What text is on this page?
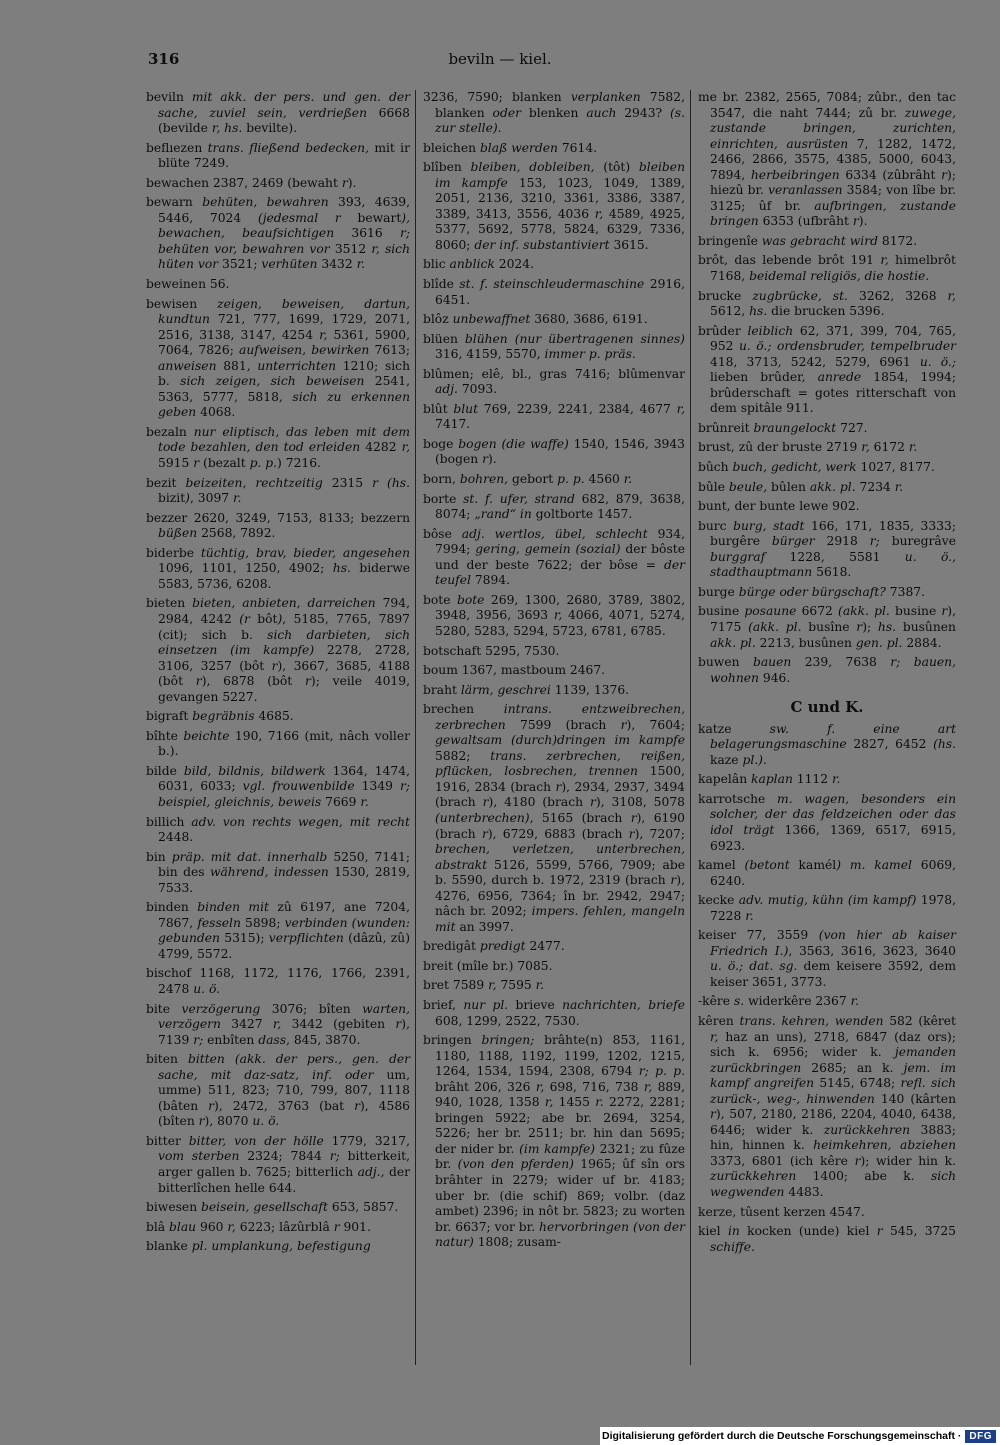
316	beviln — kiel.
beviln mit akk. der pers. und gen. der sache, zuviel sein, verdrießen 6668 (bevilde r, hs. bevilte).
beflıezen trans. fließend bedecken, mit ir blüte 7249.
bewachen 2387, 2469 (bewaht r).
bewarn behüten, bewahren 393, 4639, 5446, 7024 (jedesmal r bewart), bewachen, beaufsichtigen 3616 r; behüten vor, bewahren vor 3512 r, sich hüten vor 3521; verhüten 3432 r.
beweinen 56.
bewisen zeigen, beweisen, dartun, kundtun 721, 777, 1699, 1729, 2071, 2516, 3138, 3147, 4254 r, 5361, 5900, 7064, 7826; aufweisen, bewirken 7613; anweisen 881, unterrichten 1210; sich b. sich zeigen, sich beweisen 2541, 5363, 5777, 5818, sich zu erkennen geben 4068.
bezaln nur eliptisch, das leben mit dem tode bezahlen, den tod erleiden 4282 r, 5915 r (bezalt p. p.) 7216.
bezit beizeiten, rechtzeitig 2315 r (hs. bizit), 3097 r.
bezzer 2620, 3249, 7153, 8133; bezzern büßen 2568, 7892.
biderbe tüchtig, brav, bieder, angesehen 1096, 1101, 1250, 4902; hs. biderwe 5583, 5736, 6208.
bieten bieten, anbieten, darreichen 794, 2984, 4242 (r bôt), 5185, 7765, 7897 (cit); sich b. sich darbieten, sich einsetzen (im kampfe) 2278, 2728, 3106, 3257 (bôt r), 3667, 3685, 4188 (bôt r), 6878 (bôt r); veile 4019, gevangen 5227.
bigraft begräbnis 4685.
bîhte beichte 190, 7166 (mit, nâch voller b.).
bilde bild, bildnis, bildwerk 1364, 1474, 6031, 6033; vgl. frouwenbilde 1349 r; beispiel, gleichnis, beweis 7669 r.
billich adv. von rechts wegen, mit recht 2448.
bin präp. mit dat. innerhalb 5250, 7141; bin des während, indessen 1530, 2819, 7533.
binden binden mit zû 6197, ane 7204, 7867, fesseln 5898; verbinden (wunden: gebunden 5315); verpflichten (dâzû, zû) 4799, 5572.
bischof 1168, 1172, 1176, 1766, 2391, 2478 u. ö.
bite verzögerung 3076; bîten warten, verzögern 3427 r, 3442 (gebiten r), 7139 r; enbîten dass, 845, 3870.
biten bitten (akk. der pers., gen. der sache, mit daz-satz, inf. oder um, umme) 511, 823; 710, 799, 807, 1118 (bâten r), 2472, 3763 (bat r), 4586 (bîten r), 8070 u. ö.
bitter bitter, von der hölle 1779, 3217, vom sterben 2324; 7844 r; bitterkeit, arger gallen b. 7625; bitterlich adj., der bitterlîchen helle 644.
biwesen beisein, gesellschaft 653, 5857.
blâ blau 960 r, 6223; lâzûrblâ r 901.
blanke pl. umplankung, befestigung
3236, 7590; blanken verplanken 7582, blanken oder blenken auch 2943? (s. zur stelle).
bleichen blaß werden 7614.
blîben bleiben, dobleiben, (tôt) bleiben im kampfe 153, 1023, 1049, 1389, 2051, 2136, 3210, 3361, 3386, 3387, 3389, 3413, 3556, 4036 r, 4589, 4925, 5377, 5692, 5778, 5824, 6329, 7336, 8060; der inf. substantiviert 3615.
blic anblick 2024.
blîde st. f. steinschleudermaschine 2916, 6451.
blôz unbewaffnet 3680, 3686, 6191.
blüen blühen (nur übertragenen sinnes) 316, 4159, 5570, immer p. präs.
blûmen; elê, bl., gras 7416; blûmenvar adj. 7093.
blût blut 769, 2239, 2241, 2384, 4677 r, 7417.
boge bogen (die waffe) 1540, 1546, 3943 (bogen r).
born, bohren, gebort p. p. 4560 r.
borte st. f. ufer, strand 682, 879, 3638, 8074; „rand“ in goltborte 1457.
bôse adj. wertlos, übel, schlecht 934, 7994; gering, gemein (sozial) der bôste und der beste 7622; der bôse = der teufel 7894.
bote bote 269, 1300, 2680, 3789, 3802, 3948, 3956, 3693 r, 4066, 4071, 5274, 5280, 5283, 5294, 5723, 6781, 6785.
botschaft 5295, 7530.
boum 1367, mastboum 2467.
braht lärm, geschrei 1139, 1376.
brechen intrans. entzweibrechen, zerbrechen 7599 (brach r), 7604; gewaltsam (durch)dringen im kampfe 5882; trans. zerbrechen, reißen, pflücken, losbrechen, trennen 1500, 1916, 2834 (brach r), 2934, 2937, 3494 (brach r), 4180 (brach r), 3108, 5078 (unterbrechen), 5165 (brach r), 6190 (brach r), 6729, 6883 (brach r), 7207; brechen, verletzen, unterbrechen, abstrakt 5126, 5599, 5766, 7909; abe b. 5590, durch b. 1972, 2319 (brach r), 4276, 6956, 7364; în br. 2942, 2947; nâch br. 2092; impers. fehlen, mangeln mit an 3997.
bredigât predigt 2477.
breit (mîle br.) 7085.
bret 7589 r, 7595 r.
brief, nur pl. brieve nachrichten, briefe 608, 1299, 2522, 7530.
bringen bringen; brâhte(n) 853, 1161, 1180, 1188, 1192, 1199, 1202, 1215, 1264, 1534, 1594, 2308, 6794 r; p. p. brâht 206, 326 r, 698, 716, 738 r, 889, 940, 1028, 1358 r, 1455 r. 2272, 2281; bringen 5922; abe br. 2694, 3254, 5226; her br. 2511; br. hin dan 5695; der nider br. (im kampfe) 2321; zu fûze br. (von den pferden) 1965; ûf sîn ors brâhter in 2279; wider uf br. 4183; uber br. (die schif) 869; volbr. (daz ambet) 2396; in nôt br. 5823; zu worten br. 6637; vor br. hervorbringen (von der natur) 1808; zusam-
me br. 2382, 2565, 7084; zûbr., den tac 3547, die naht 7444; zû br. zuwege, zustande bringen, zurichten, einrichten, ausrüsten 7, 1282, 1472, 2466, 2866, 3575, 4385, 5000, 6043, 7894, herbeibringen 6334 (zûbrâht r); hiezû br. veranlassen 3584; von lîbe br. 3125; ûf br. aufbringen, zustande bringen 6353 (ufbrâht r).
bringenîe was gebracht wird 8172.
brôt, das lebende brôt 191 r, himelbrôt 7168, beidemal religiös, die hostie.
brucke zugbrücke, st. 3262, 3268 r, 5612, hs. die brucken 5396.
brûder leiblich 62, 371, 399, 704, 765, 952 u. ö.; ordensbruder, tempelbruder 418, 3713, 5242, 5279, 6961 u. ö.; lieben brûder, anrede 1854, 1994; brûderschaft = gotes ritterschaft von dem spitâle 911.
brûnreit braungelockt 727.
brust, zû der bruste 2719 r, 6172 r.
bûch buch, gedicht, werk 1027, 8177.
bûle beule, bûlen akk. pl. 7234 r.
bunt, der bunte lewe 902.
burc burg, stadt 166, 171, 1835, 3333; burgêre bürger 2918 r; buregrâve burggraf 1228, 5581 u. ö., stadthauptmann 5618.
burge bürge oder bürgschaft? 7387.
busine posaune 6672 (akk. pl. busine r), 7175 (akk. pl. busîne r); hs. busûnen akk. pl. 2213, busûnen gen. pl. 2884.
buwen bauen 239, 7638 r; bauen, wohnen 946.
C und K.
katze sw. f. eine art belagerungsmaschine 2827, 6452 (hs. kaze pl.).
kapelân kaplan 1112 r.
karrotsche m. wagen, besonders ein solcher, der das feldzeichen oder das idol trägt 1366, 1369, 6517, 6915, 6923.
kamel (betont kamél) m. kamel 6069, 6240.
kecke adv. mutig, kühn (im kampf) 1978, 7228 r.
keiser 77, 3559 (von hier ab kaiser Friedrich I.), 3563, 3616, 3623, 3640 u. ö.; dat. sg. dem keisere 3592, dem keiser 3651, 3773.
-kêre s. widerkêre 2367 r.
kêren trans. kehren, wenden 582 (kêret r, haz an uns), 2718, 6847 (daz ors); sich k. 6956; wider k. jemanden zurückbringen 2685; an k. jem. im kampf angreifen 5145, 6748; refl. sich zurück-, weg-, hinwenden 140 (kârten r), 507, 2180, 2186, 2204, 4040, 6438, 6446; wider k. zurückkehren 3883; hin, hinnen k. heimkehren, abziehen 3373, 6801 (ich kêre r); wider hin k. zurückkehren 1400; abe k. sich wegwenden 4483.
kerze, tûsent kerzen 4547.
kiel in kocken (unde) kiel r 545, 3725 schiffe.
Digitalisierung gefördert durch die Deutsche Forschungsgemeinschaft · DFG
